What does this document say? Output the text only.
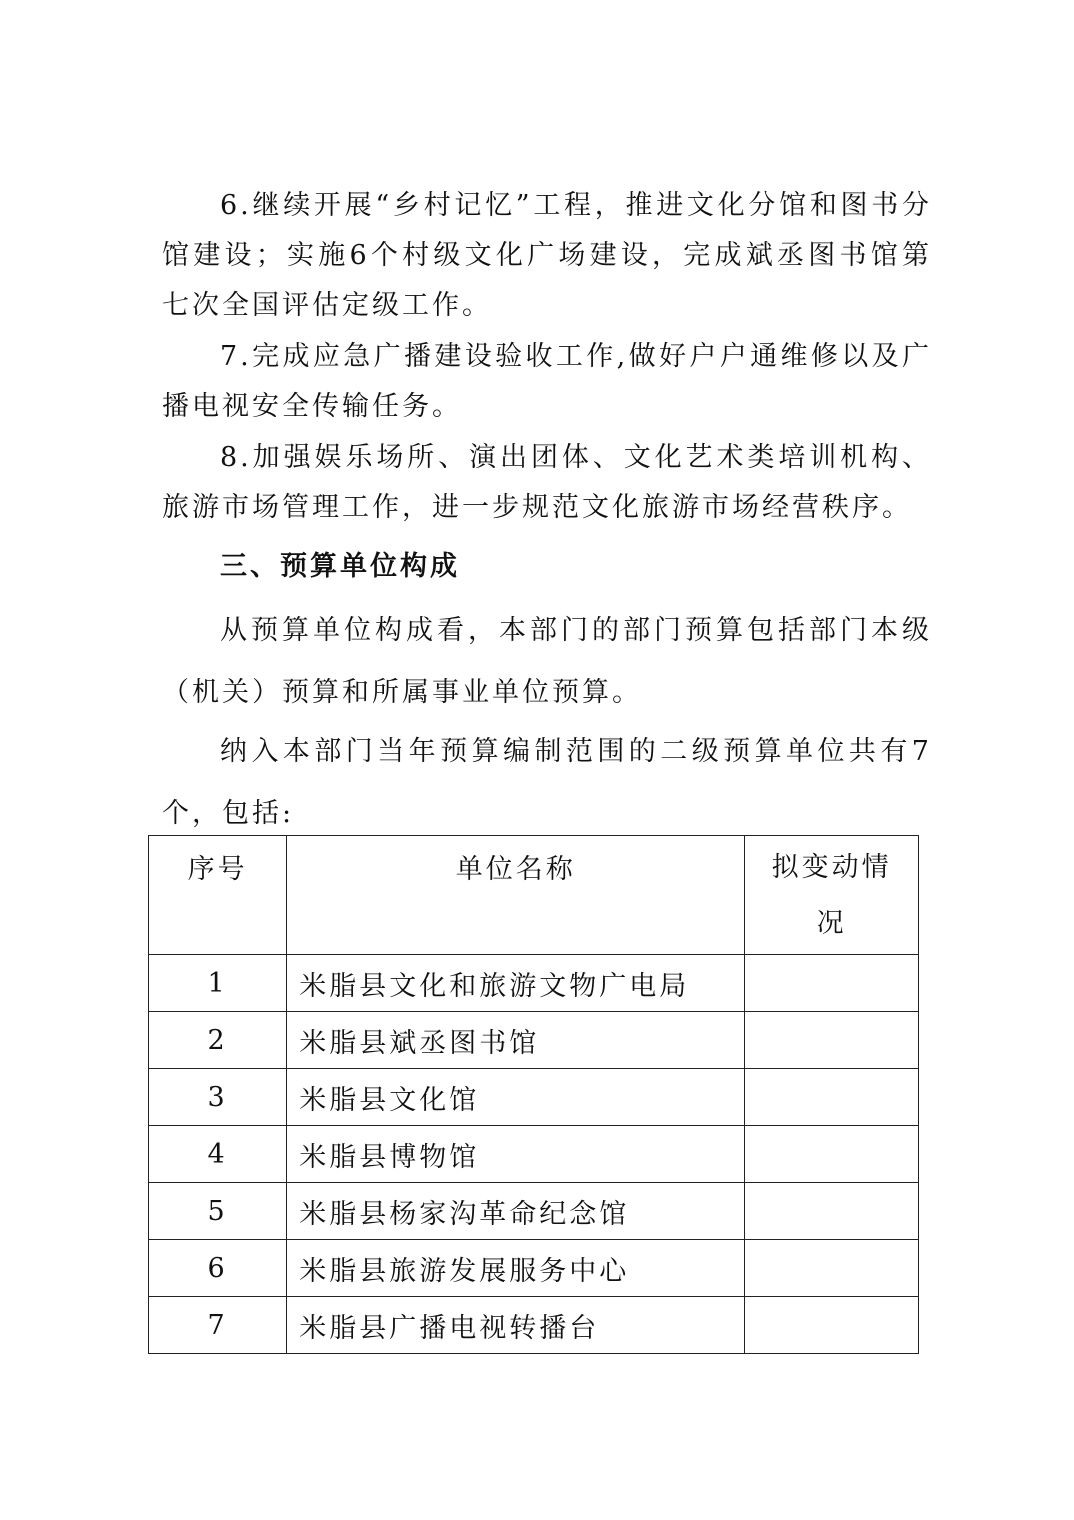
6.继续开展“乡村记忆”工程，推进文化分馆和图书分馆建设；实施6个村级文化广场建设，完成斌丞图书馆第七次全国评估定级工作。

7.完成应急广播建设验收工作,做好户户通维修以及广播电视安全传输任务。

8.加强娱乐场所、演出团体、文化艺术类培训机构、旅游市场管理工作，进一步规范文化旅游市场经营秩序。

三、预算单位构成

从预算单位构成看，本部门的部门预算包括部门本级（机关）预算和所属事业单位预算。

纳入本部门当年预算编制范围的二级预算单位共有7个，包括:

序号	单位名称	拟变动情况
1	米脂县文化和旅游文物广电局	
2	米脂县斌丞图书馆	
3	米脂县文化馆	
4	米脂县博物馆	
5	米脂县杨家沟革命纪念馆	
6	米脂县旅游发展服务中心	
7	米脂县广播电视转播台	
